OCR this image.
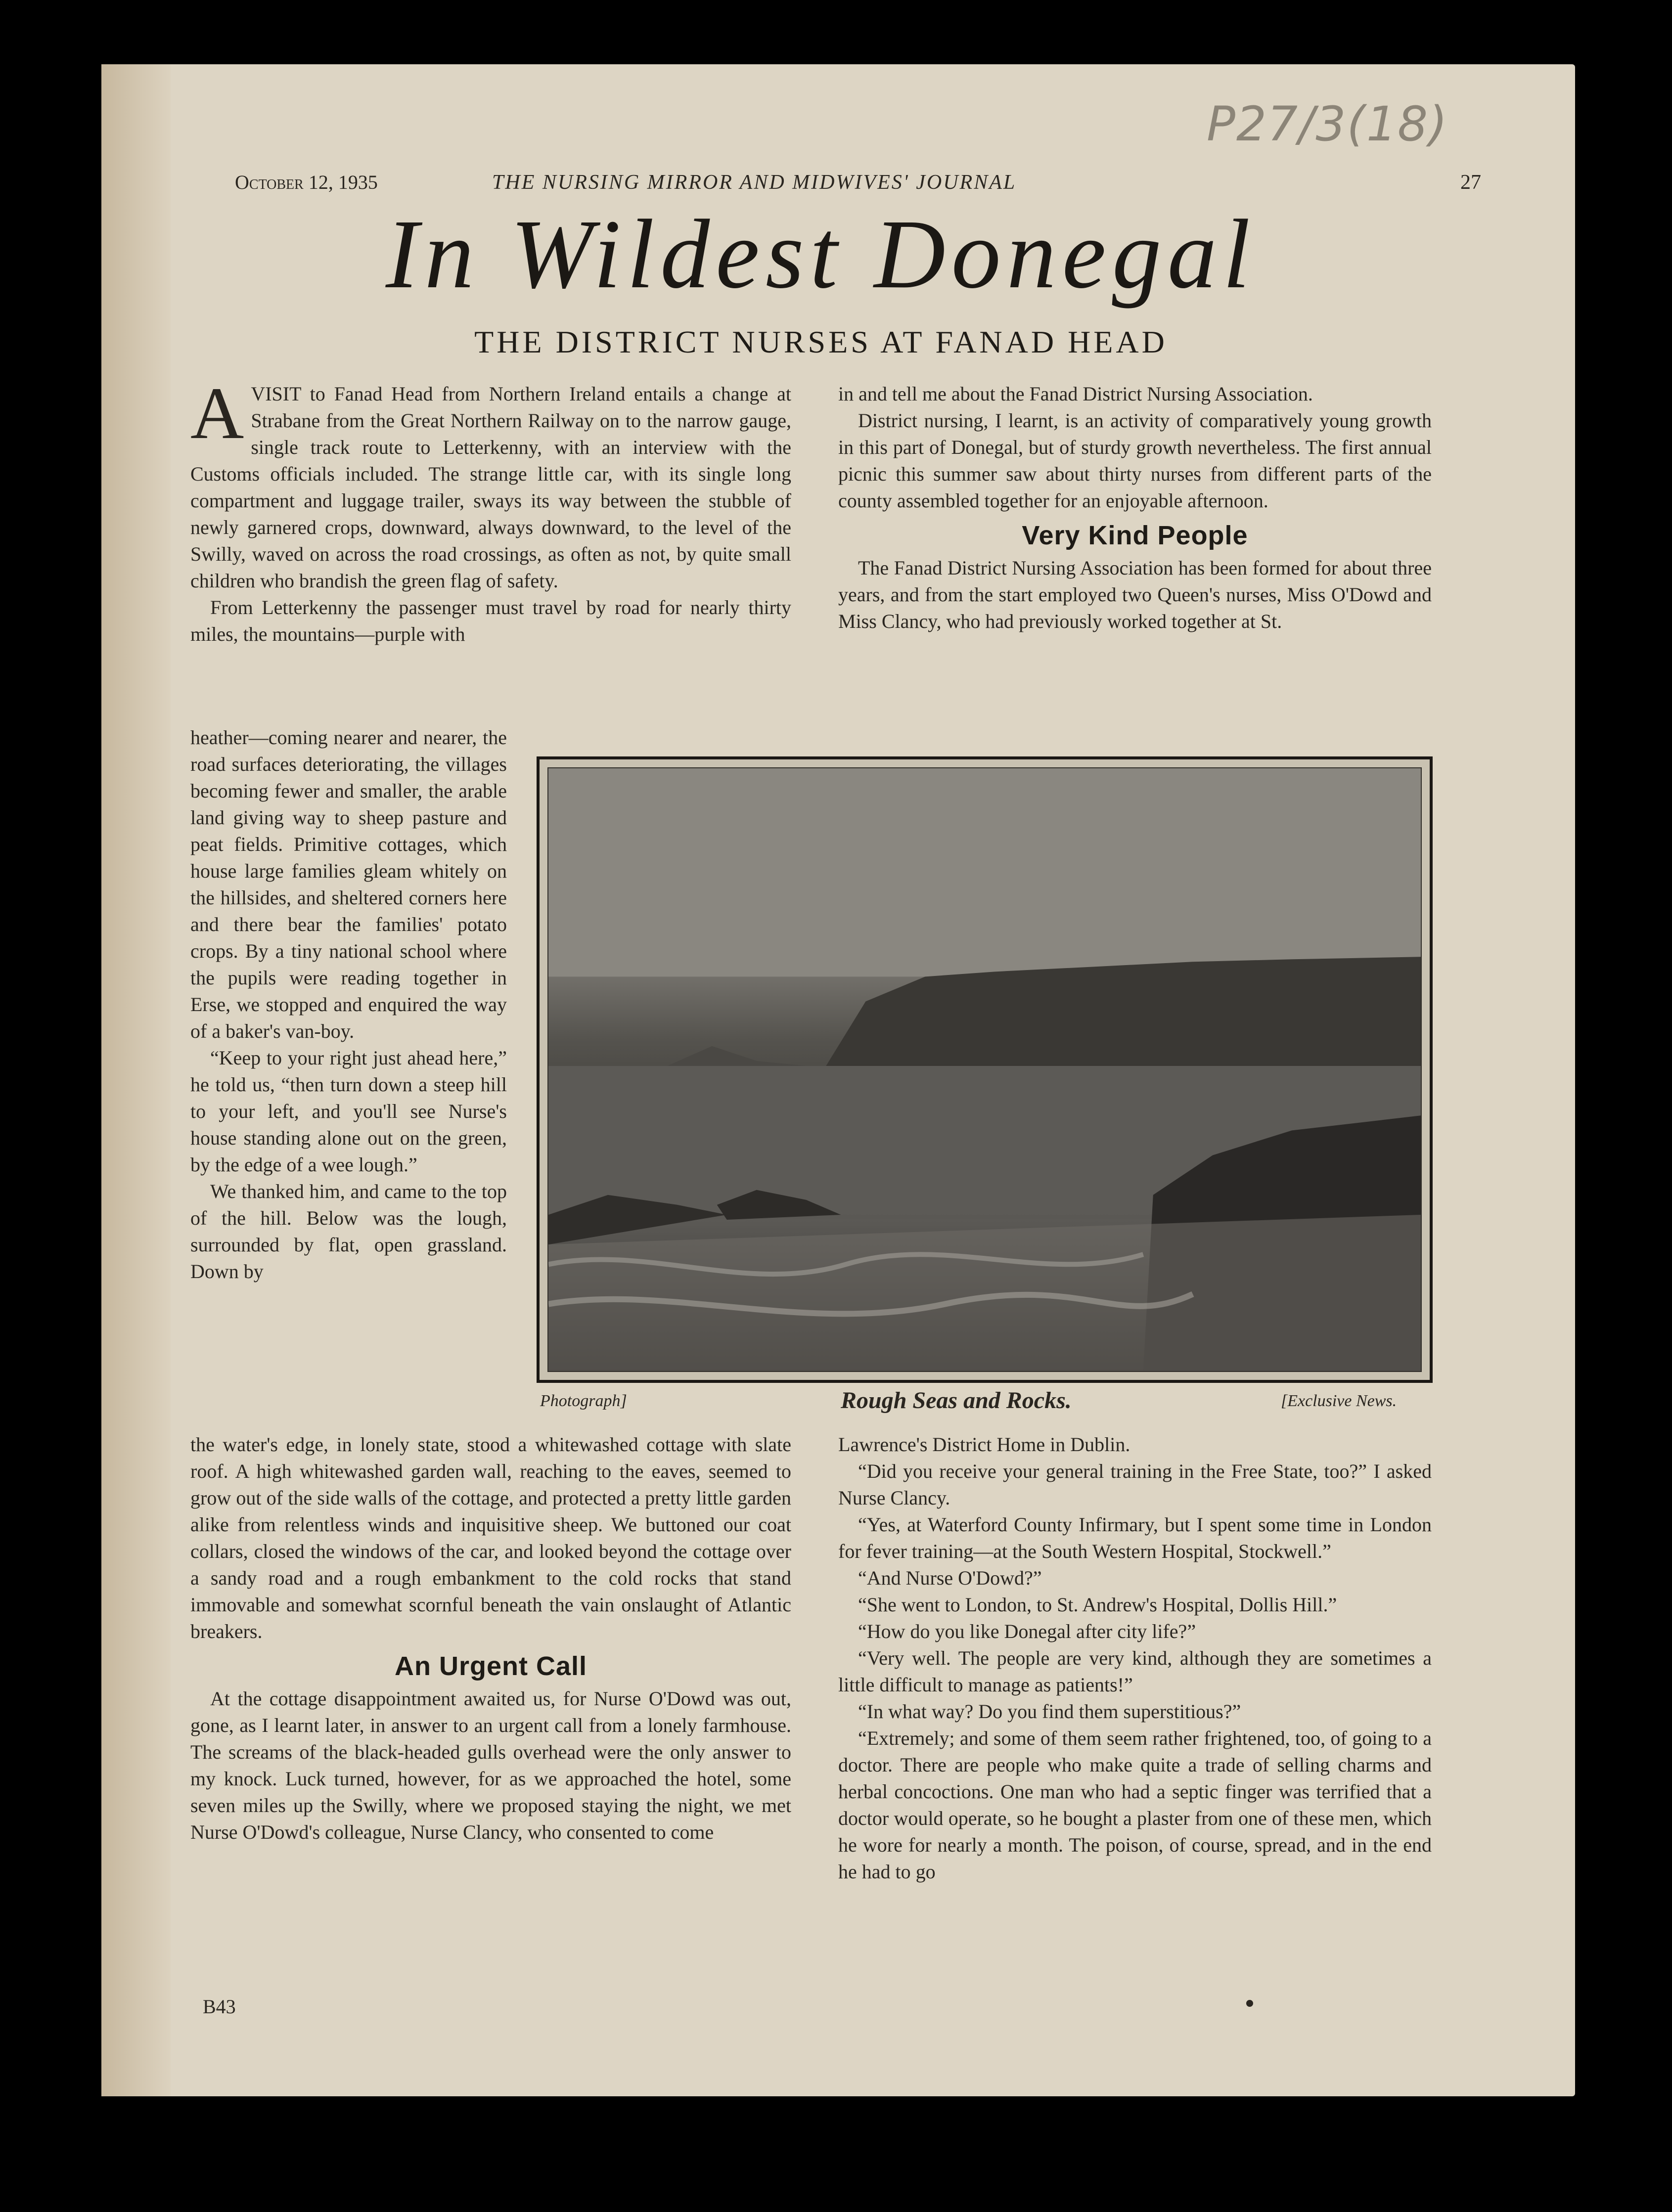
P27/3(18)
October 12, 1935	THE NURSING MIRROR AND MIDWIVES' JOURNAL	27
In Wildest Donegal
THE DISTRICT NURSES AT FANAD HEAD

AVISIT to Fanad Head from Northern Ireland entails a change at Strabane from the Great Northern Railway on to the narrow gauge, single track route to Letterkenny, with an interview with the Customs officials included. The strange little car, with its single long compartment and luggage trailer, sways its way between the stubble of newly garnered crops, downward, always downward, to the level of the Swilly, waved on across the road crossings, as often as not, by quite small children who brandish the green flag of safety.

From Letterkenny the passenger must travel by road for nearly thirty miles, the mountains—purple with

heather—coming nearer and nearer, the road surfaces deteriorating, the villages becoming fewer and smaller, the arable land giving way to sheep pasture and peat fields. Primitive cottages, which house large families gleam whitely on the hillsides, and sheltered corners here and there bear the families' potato crops. By a tiny national school where the pupils were reading together in Erse, we stopped and enquired the way of a baker's van-boy.

“Keep to your right just ahead here,” he told us, “then turn down a steep hill to your left, and you'll see Nurse's house standing alone out on the green, by the edge of a wee lough.”

We thanked him, and came to the top of the hill. Below was the lough, surrounded by flat, open grassland. Down by

Photograph]	Rough Seas and Rocks.	[Exclusive News.

the water's edge, in lonely state, stood a whitewashed cottage with slate roof. A high whitewashed garden wall, reaching to the eaves, seemed to grow out of the side walls of the cottage, and protected a pretty little garden alike from relentless winds and inquisitive sheep. We buttoned our coat collars, closed the windows of the car, and looked beyond the cottage over a sandy road and a rough embankment to the cold rocks that stand immovable and somewhat scornful beneath the vain onslaught of Atlantic breakers.

An Urgent Call

At the cottage disappointment awaited us, for Nurse O'Dowd was out, gone, as I learnt later, in answer to an urgent call from a lonely farmhouse. The screams of the black-headed gulls overhead were the only answer to my knock. Luck turned, however, for as we approached the hotel, some seven miles up the Swilly, where we proposed staying the night, we met Nurse O'Dowd's colleague, Nurse Clancy, who consented to come

in and tell me about the Fanad District Nursing Association.

District nursing, I learnt, is an activity of comparatively young growth in this part of Donegal, but of sturdy growth nevertheless. The first annual picnic this summer saw about thirty nurses from different parts of the county assembled together for an enjoyable afternoon.

Very Kind People

The Fanad District Nursing Association has been formed for about three years, and from the start employed two Queen's nurses, Miss O'Dowd and Miss Clancy, who had previously worked together at St.

Lawrence's District Home in Dublin.

“Did you receive your general training in the Free State, too?” I asked Nurse Clancy.

“Yes, at Waterford County Infirmary, but I spent some time in London for fever training—at the South Western Hospital, Stockwell.”

“And Nurse O'Dowd?”

“She went to London, to St. Andrew's Hospital, Dollis Hill.”

“How do you like Donegal after city life?”

“Very well. The people are very kind, although they are sometimes a little difficult to manage as patients!”

“In what way? Do you find them superstitious?”

“Extremely; and some of them seem rather frightened, too, of going to a doctor. There are people who make quite a trade of selling charms and herbal concoctions. One man who had a septic finger was terrified that a doctor would operate, so he bought a plaster from one of these men, which he wore for nearly a month. The poison, of course, spread, and in the end he had to go

B43
